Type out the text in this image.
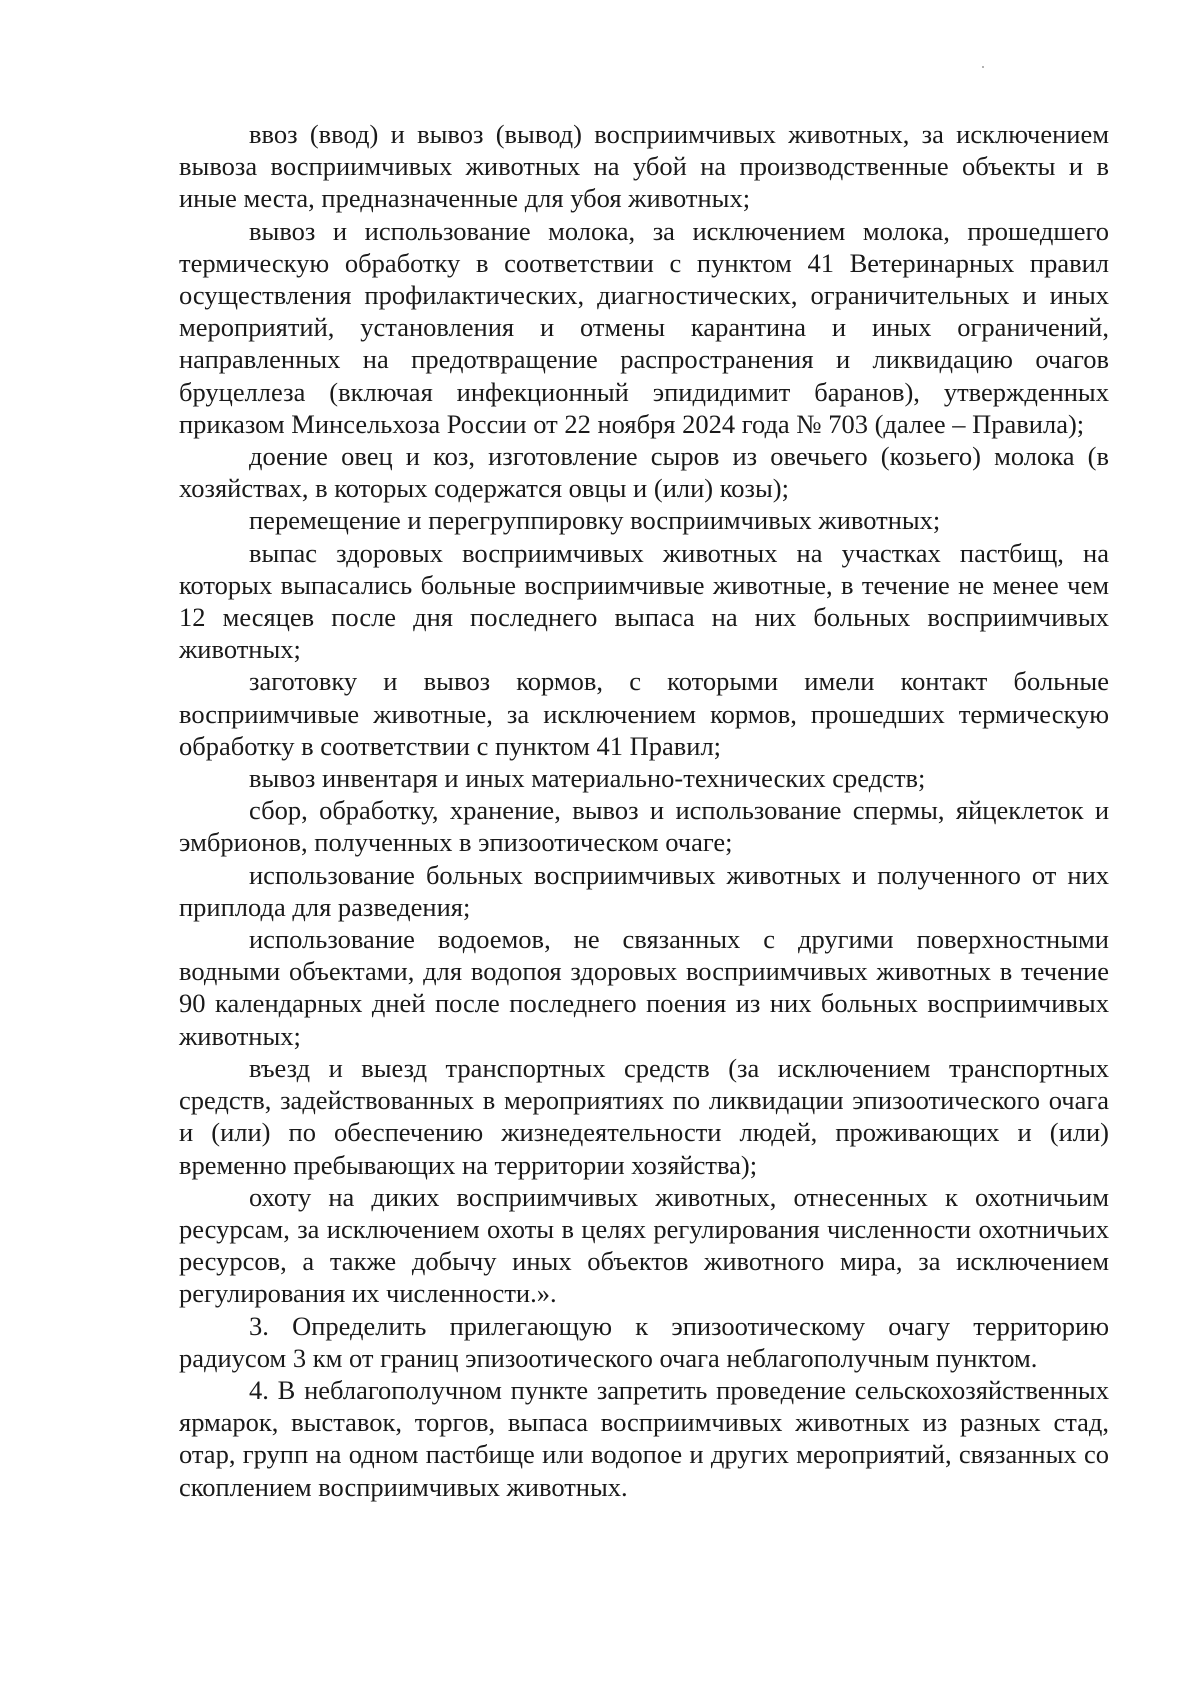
ввоз (ввод) и вывоз (вывод) восприимчивых животных, за исключением вывоза восприимчивых животных на убой на производственные объекты и в иные места, предназначенные для убоя животных;

вывоз и использование молока, за исключением молока, прошедшего термическую обработку в соответствии с пунктом 41 Ветеринарных правил осуществления профилактических, диагностических, ограничительных и иных мероприятий, установления и отмены карантина и иных ограничений, направленных на предотвращение распространения и ликвидацию очагов бруцеллеза (включая инфекционный эпидидимит баранов), утвержденных приказом Минсельхоза России от 22 ноября 2024 года № 703 (далее – Правила);

доение овец и коз, изготовление сыров из овечьего (козьего) молока (в хозяйствах, в которых содержатся овцы и (или) козы);

перемещение и перегруппировку восприимчивых животных;

выпас здоровых восприимчивых животных на участках пастбищ, на которых выпасались больные восприимчивые животные, в течение не менее чем 12 месяцев после дня последнего выпаса на них больных восприимчивых животных;

заготовку и вывоз кормов, с которыми имели контакт больные восприимчивые животные, за исключением кормов, прошедших термическую обработку в соответствии с пунктом 41 Правил;

вывоз инвентаря и иных материально-технических средств;

сбор, обработку, хранение, вывоз и использование спермы, яйцеклеток и эмбрионов, полученных в эпизоотическом очаге;

использование больных восприимчивых животных и полученного от них приплода для разведения;

использование водоемов, не связанных с другими поверхностными водными объектами, для водопоя здоровых восприимчивых животных в течение 90 календарных дней после последнего поения из них больных восприимчивых животных;

въезд и выезд транспортных средств (за исключением транспортных средств, задействованных в мероприятиях по ликвидации эпизоотического очага и (или) по обеспечению жизнедеятельности людей, проживающих и (или) временно пребывающих на территории хозяйства);

охоту на диких восприимчивых животных, отнесенных к охотничьим ресурсам, за исключением охоты в целях регулирования численности охотничьих ресурсов, а также добычу иных объектов животного мира, за исключением регулирования их численности.».

3. Определить прилегающую к эпизоотическому очагу территорию радиусом 3 км от границ эпизоотического очага неблагополучным пунктом.

4. В неблагополучном пункте запретить проведение сельскохозяйственных ярмарок, выставок, торгов, выпаса восприимчивых животных из разных стад, отар, групп на одном пастбище или водопое и других мероприятий, связанных со скоплением восприимчивых животных.
